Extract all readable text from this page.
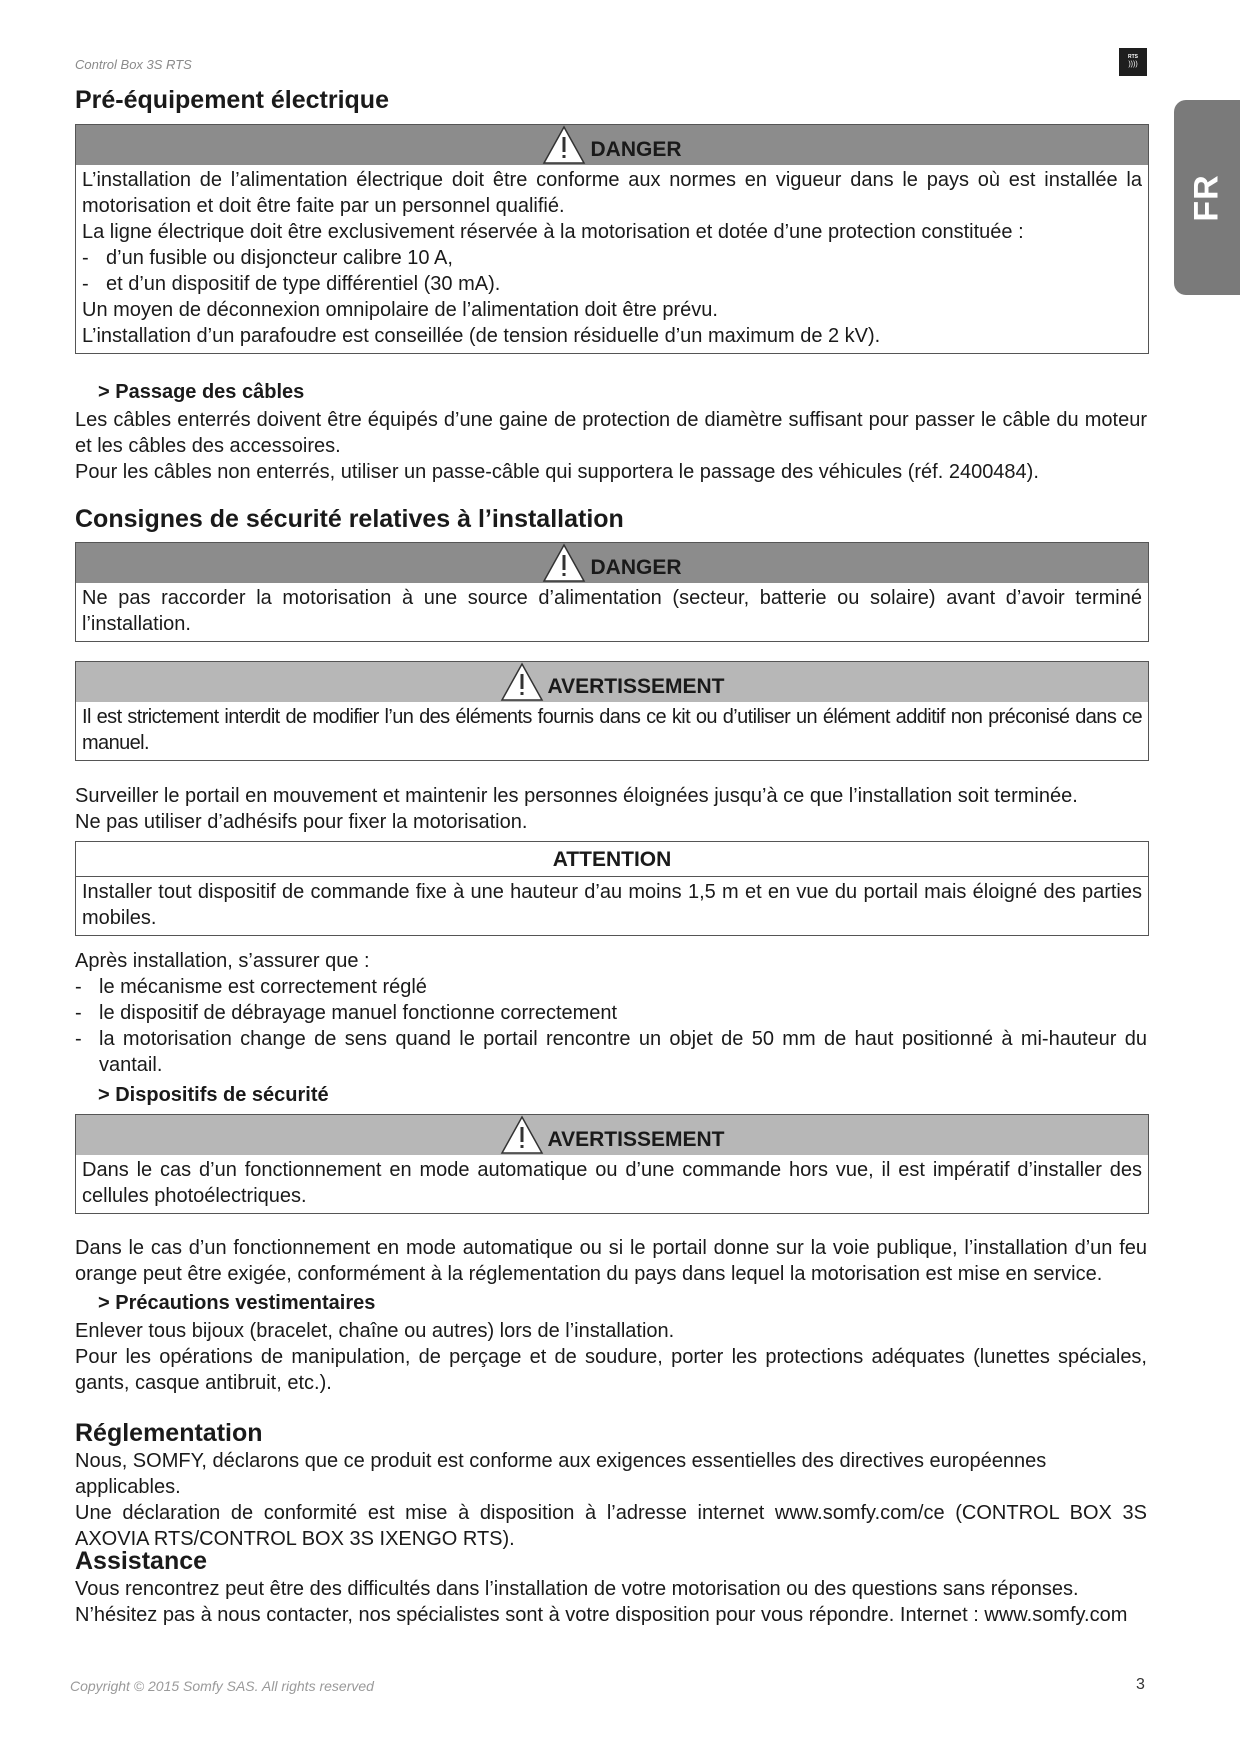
Control Box 3S RTS	RTS
))))
FR
Pré-équipement électrique
DANGER
L’installation de l’alimentation électrique doit être conforme aux normes en vigueur dans le pays où est installée la motorisation et doit être faite par un personnel qualifié.
La ligne électrique doit être exclusivement réservée à la motorisation et dotée d’une protection constituée :
- d’un fusible ou disjoncteur calibre 10 A,
- et d’un dispositif de type différentiel (30 mA).
Un moyen de déconnexion omnipolaire de l’alimentation doit être prévu.
L’installation d’un parafoudre est conseillée (de tension résiduelle d’un maximum de 2 kV).
> Passage des câbles
Les câbles enterrés doivent être équipés d’une gaine de protection de diamètre suffisant pour passer le câble du moteur et les câbles des accessoires.
Pour les câbles non enterrés, utiliser un passe-câble qui supportera le passage des véhicules (réf. 2400484).
Consignes de sécurité relatives à l’installation
DANGER
Ne pas raccorder la motorisation à une source d’alimentation (secteur, batterie ou solaire) avant d’avoir terminé l’installation.
AVERTISSEMENT
Il est strictement interdit de modifier l’un des éléments fournis dans ce kit ou d’utiliser un élément additif non préconisé dans ce manuel.
Surveiller le portail en mouvement et maintenir les personnes éloignées jusqu’à ce que l’installation soit terminée.
Ne pas utiliser d’adhésifs pour fixer la motorisation.
ATTENTION
Installer tout dispositif de commande fixe à une hauteur d’au moins 1,5 m et en vue du portail mais éloigné des parties mobiles.
Après installation, s’assurer que :
- le mécanisme est correctement réglé
- le dispositif de débrayage manuel fonctionne correctement
- la motorisation change de sens quand le portail rencontre un objet de 50 mm de haut positionné à mi-hauteur du vantail.
> Dispositifs de sécurité
AVERTISSEMENT
Dans le cas d’un fonctionnement en mode automatique ou d’une commande hors vue, il est impératif d’installer des cellules photoélectriques.
Dans le cas d’un fonctionnement en mode automatique ou si le portail donne sur la voie publique, l’installation d’un feu orange peut être exigée, conformément à la réglementation du pays dans lequel la motorisation est mise en service.
> Précautions vestimentaires
Enlever tous bijoux (bracelet, chaîne ou autres) lors de l’installation.
Pour les opérations de manipulation, de perçage et de soudure, porter les protections adéquates (lunettes spéciales, gants, casque antibruit, etc.).
Réglementation
Nous, SOMFY, déclarons que ce produit est conforme aux exigences essentielles des directives européennes applicables.
Une déclaration de conformité est mise à disposition à l’adresse internet www.somfy.com/ce (CONTROL BOX 3S AXOVIA RTS/CONTROL BOX 3S IXENGO RTS).
Assistance
Vous rencontrez peut être des difficultés dans l’installation de votre motorisation ou des questions sans réponses.
N’hésitez pas à nous contacter, nos spécialistes sont à votre disposition pour vous répondre. Internet : www.somfy.com
Copyright © 2015 Somfy SAS. All rights reserved	3
